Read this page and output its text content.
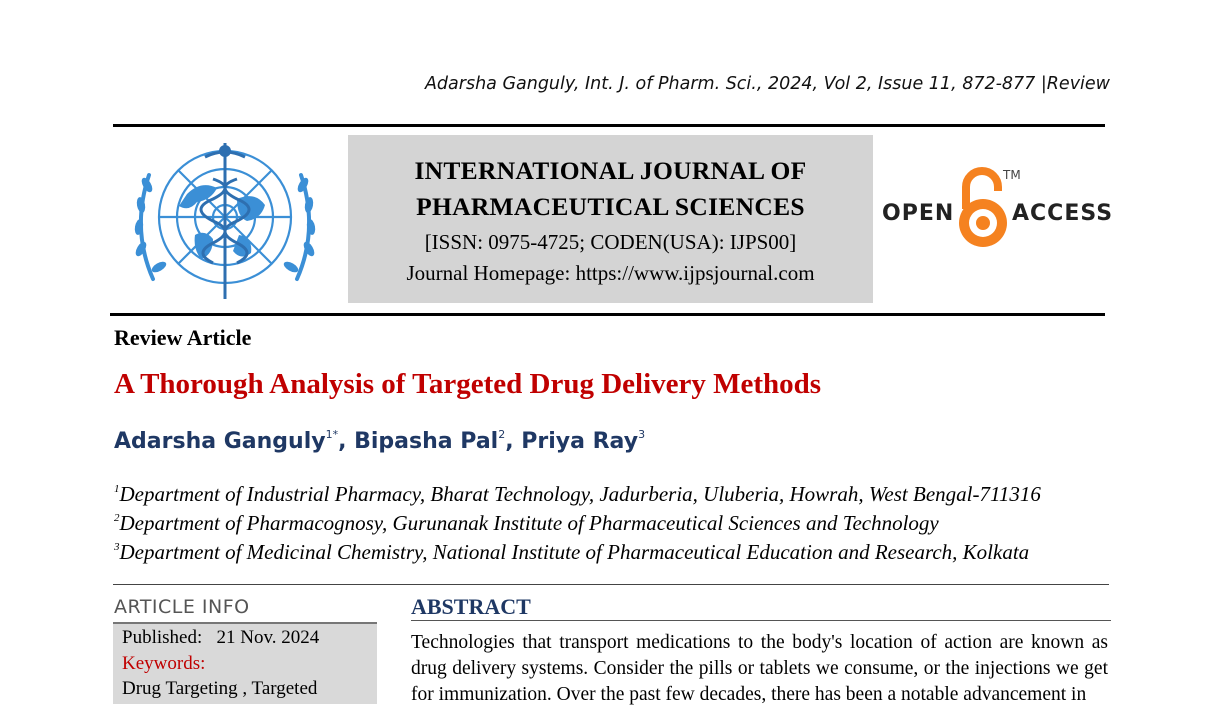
Adarsha Ganguly, Int. J. of Pharm. Sci., 2024, Vol 2, Issue 11, 872-877 |Review
INTERNATIONAL JOURNAL OF
PHARMACEUTICAL SCIENCES
[ISSN: 0975-4725; CODEN(USA): IJPS00]
Journal Homepage: https://www.ijpsjournal.com
OPEN	ACCESS
TM
Review Article
A Thorough Analysis of Targeted Drug Delivery Methods
Adarsha Ganguly$^{1*}$, Bipasha Pal$^2$, Priya Ray$^3$
$^1$Department of Industrial Pharmacy, Bharat Technology, Jadurberia, Uluberia, Howrah, West Bengal-711316
$^2$Department of Pharmacognosy, Gurunanak Institute of Pharmaceutical Sciences and Technology
$^3$Department of Medicinal Chemistry, National Institute of Pharmaceutical Education and Research, Kolkata
ARTICLE INFO
Published: 21 Nov. 2024
Keywords:
Drug Targeting , Targeted
ABSTRACT
Technologies that transport medications to the body's location of action are known as drug delivery systems. Consider the pills or tablets we consume, or the injections we get for immunization. Over the past few decades, there has been a notable advancement in
